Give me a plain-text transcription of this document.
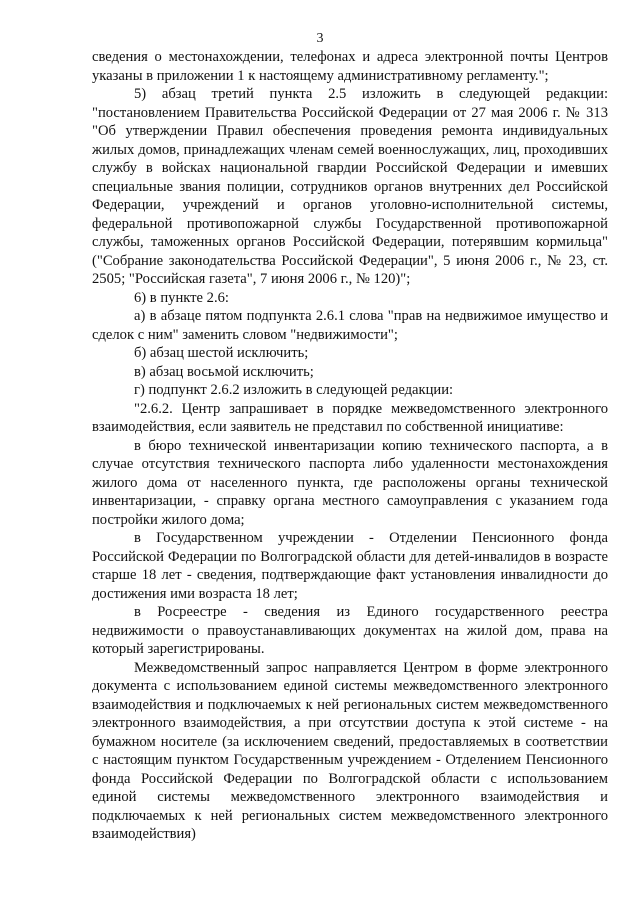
3

сведения о местонахождении, телефонах и адреса электронной почты Центров указаны в приложении 1 к настоящему административному регламенту.";

5) абзац третий пункта 2.5 изложить в следующей редакции: "постановлением Правительства Российской Федерации от 27 мая 2006 г. № 313 "Об утверждении Правил обеспечения проведения ремонта индивидуальных жилых домов, принадлежащих членам семей военнослужащих, лиц, проходивших службу в войсках национальной гвардии Российской Федерации и имевших специальные звания полиции, сотрудников органов внутренних дел Российской Федерации, учреждений и органов уголовно-исполнительной системы, федеральной противопожарной службы Государственной противопожарной службы, таможенных органов Российской Федерации, потерявшим кормильца" ("Собрание законодательства Российской Федерации", 5 июня 2006 г., № 23, ст. 2505; "Российская газета", 7 июня 2006 г., № 120)";

6) в пункте 2.6:

а) в абзаце пятом подпункта 2.6.1 слова "прав на недвижимое имущество и сделок с ним" заменить словом "недвижимости";

б) абзац шестой исключить;

в) абзац восьмой исключить;

г) подпункт 2.6.2 изложить в следующей редакции:

"2.6.2. Центр запрашивает в порядке межведомственного электронного взаимодействия, если заявитель не представил по собственной инициативе:

в бюро технической инвентаризации копию технического паспорта, а в случае отсутствия технического паспорта либо удаленности местонахождения жилого дома от населенного пункта, где расположены органы технической инвентаризации, - справку органа местного самоуправления с указанием года постройки жилого дома;

в Государственном учреждении - Отделении Пенсионного фонда Российской Федерации по Волгоградской области для детей-инвалидов в возрасте старше 18 лет - сведения, подтверждающие факт установления инвалидности до достижения ими возраста 18 лет;

в Росреестре - сведения из Единого государственного реестра недвижимости о правоустанавливающих документах на жилой дом, права на который зарегистрированы.

Межведомственный запрос направляется Центром в форме электронного документа с использованием единой системы межведомственного электронного взаимодействия и подключаемых к ней региональных систем межведомственного электронного взаимодействия, а при отсутствии доступа к этой системе - на бумажном носителе (за исключением сведений, предоставляемых в соответствии с настоящим пунктом Государственным учреждением - Отделением Пенсионного фонда Российской Федерации по Волгоградской области с использованием единой системы межведомственного электронного взаимодействия и подключаемых к ней региональных систем межведомственного электронного взаимодействия)
